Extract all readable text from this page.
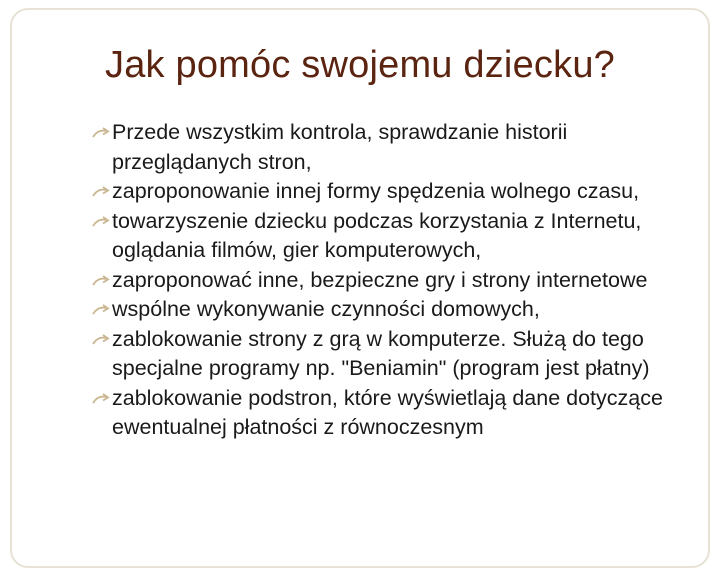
Jak pomóc swojemu dziecku?
Przede wszystkim kontrola, sprawdzanie historii przeglądanych stron,
zaproponowanie innej formy spędzenia wolnego czasu,
towarzyszenie dziecku podczas korzystania z Internetu, oglądania filmów, gier komputerowych,
zaproponować inne, bezpieczne gry i strony internetowe
wspólne wykonywanie czynności domowych,
zablokowanie strony z grą w komputerze. Służą do tego specjalne programy np. "Beniamin" (program jest płatny)
zablokowanie podstron, które wyświetlają dane dotyczące ewentualnej płatności z równoczesnym
